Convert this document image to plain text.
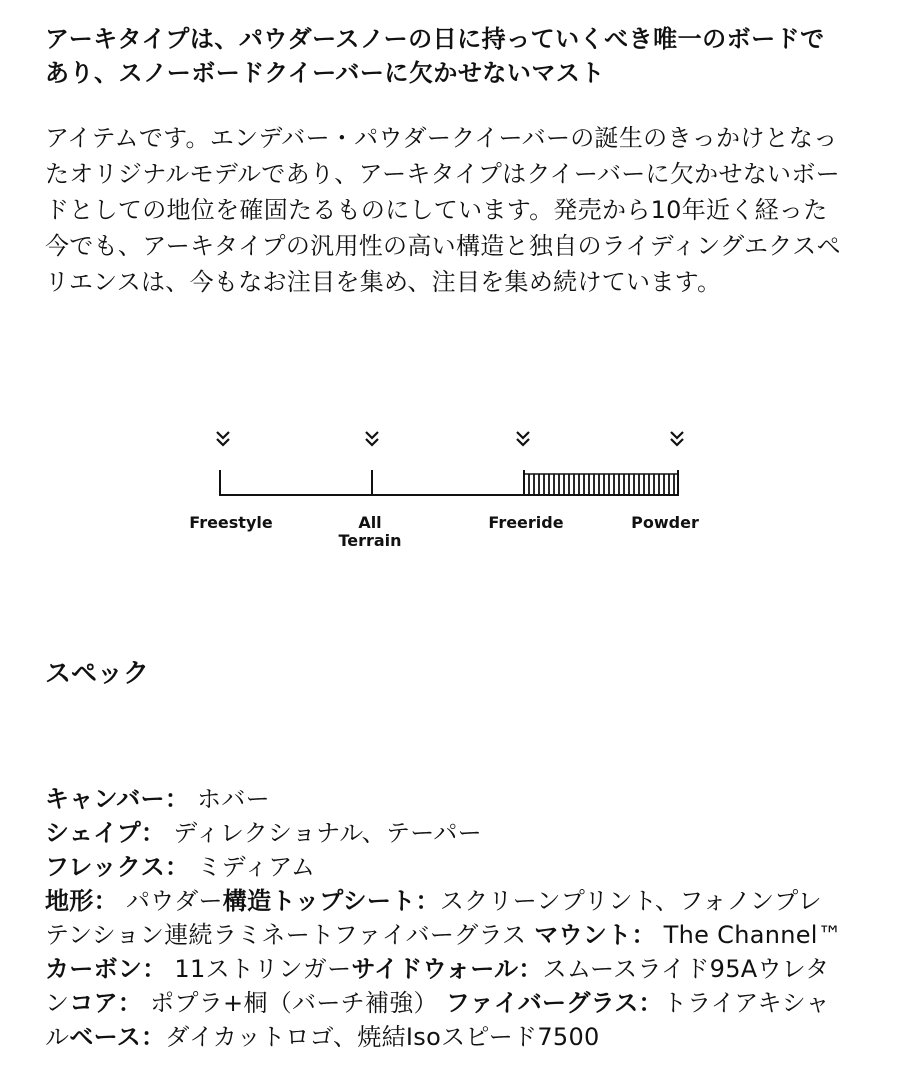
アーキタイプは、パウダースノーの日に持っていくべき唯一のボードであり、スノーボードクイーバーに欠かせないマスト

アイテムです。エンデバー・パウダークイーバーの誕生のきっかけとなったオリジナルモデルであり、アーキタイプはクイーバーに欠かせないボードとしての地位を確固たるものにしています。発売から10年近く経った今でも、アーキタイプの汎用性の高い構造と独自のライディングエクスペリエンスは、今もなお注目を集め、注目を集め続けています。

Freestyle	All
Terrain
Freeride	Powder
スペック

キャンバー： ホバー
シェイプ： ディレクショナル、テーパー
フレックス： ミディアム
地形： パウダー構造トップシート：スクリーンプリント、フォノンプレテンション連続ラミネートファイバーグラス マウント： The Channel™ カーボン： 11ストリンガーサイドウォール：スムースライド95Aウレタンコア： ポプラ+桐（バーチ補強） ファイバーグラス：トライアキシャルベース：ダイカットロゴ、焼結Isoスピード7500
